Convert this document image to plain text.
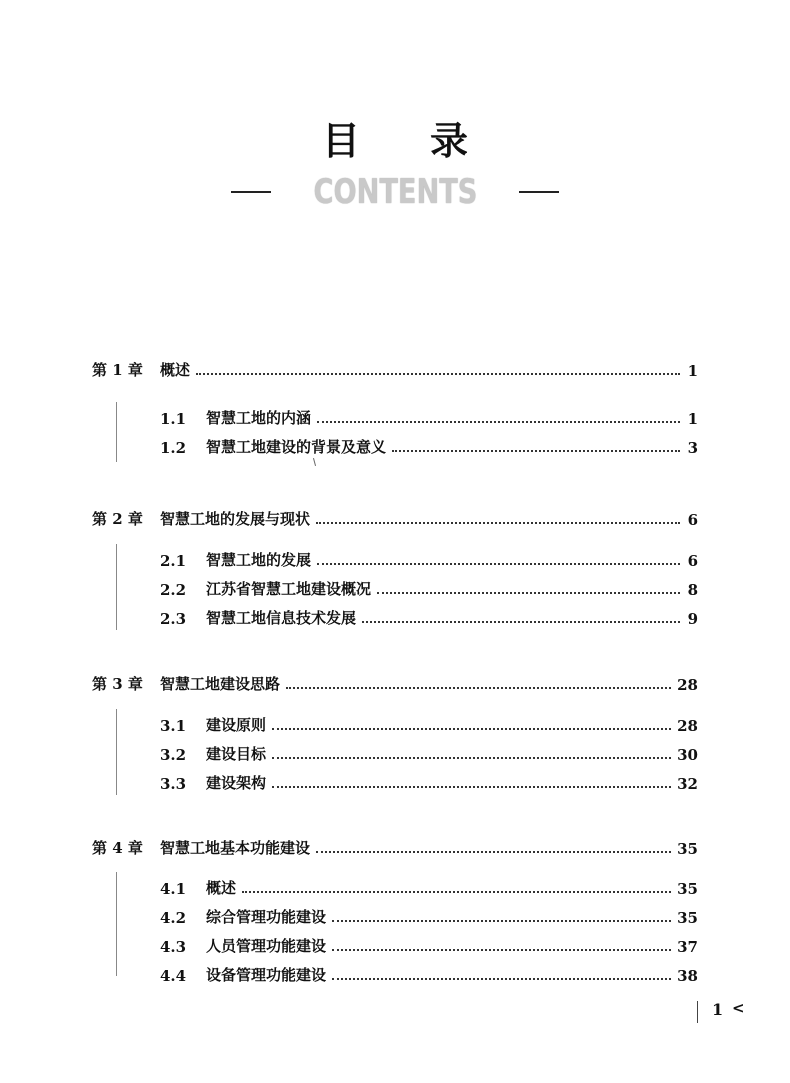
目 录
CONTENTS
第 1 章	概述	1
1.1	智慧工地的内涵	1
1.2	智慧工地建设的背景及意义	3
第 2 章	智慧工地的发展与现状	6
2.1	智慧工地的发展	6
2.2	江苏省智慧工地建设概况	8
2.3	智慧工地信息技术发展	9
第 3 章	智慧工地建设思路	28
3.1	建设原则	28
3.2	建设目标	30
3.3	建设架构	32
第 4 章	智慧工地基本功能建设	35
4.1	概述	35
4.2	综合管理功能建设	35
4.3	人员管理功能建设	37
4.4	设备管理功能建设	38
1 <
